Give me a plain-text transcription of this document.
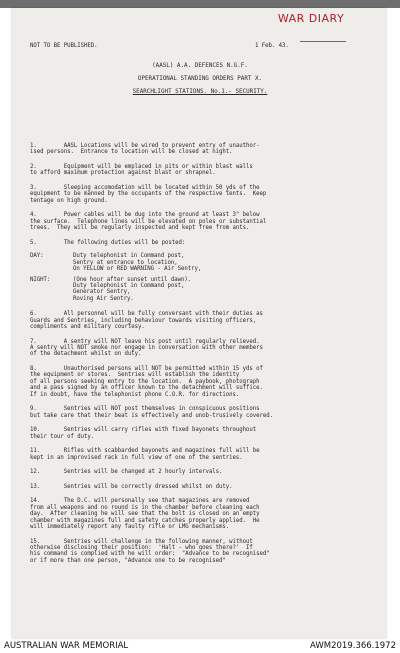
WAR DIARY
NOT TO BE PUBLISHED.	1 Feb. 43.
(AASL) A.A. DEFENCES N.G.F.
OPERATIONAL STANDING ORDERS PART X.
SEARCHLIGHT STATIONS. No.1.- SECURITY.
1.        AASL Locations will be wired to prevent entry of unauthor-
ised persons.  Entrance to location will be closed at night.
2.        Equipment will be emplaced in pits or within blast walls
to afford maximum protection against blast or shrapnel.
3.        Sleeping accomodation will be located within 50 yds of the
equipment to be manned by the occupants of the respective tents.  Keep
tentage on high ground.
4.        Power cables will be dug into the ground at least 3" below
the surface.  Telephone lines will be elevated on poles or substantial
trees.  They will be regularly inspected and kept free from ants.
5.        The following duties will be posted:
DAY:	Duty telephonist in Command post,
Sentry at entrance to location,
On YELLOW or RED WARNING - Air Sentry,
NIGHT:	(One hour after sunset until dawn).
Duty telephonist in Command post,
Generator Sentry,
Roving Air Sentry.
6.        All personnel will be fully conversant with their duties as
Guards and Sentries, including behaviour towards visiting officers,
compliments and military courtesy.
7.        A sentry will NOT leave his post until regularly relieved.
A sentry will NOT smoke nor engage in conversation with other members
of the detachment whilst on duty.
8.        Unauthorised persons will NOT be permitted within 15 yds of
the equipment or stores.  Sentries will establish the identity
of all persons seeking entry to the location.  A paybook, photograph
and a pass signed by an officer known to the detachment will suffice.
If in doubt, have the telephonist phone C.O.R. for directions.
9.        Sentries will NOT post themselves in conspicuous positions
but take care that their beat is effectively and unob-trusively covered.
10.       Sentries will carry rifles with fixed bayonets throughout
their tour of duty.
11.       Rifles with scabbarded bayonets and magazines full will be
kept in an improvised rack in full view of one of the sentries.
12.       Sentries will be changed at 2 hourly intervals.
13.       Sentries will be correctly dressed whilst on duty.
14.       The D.C. will personally see that magazines are removed
from all weapons and no round is in the chamber before cleaning each
day.  After cleaning he will see that the bolt is closed on an empty
chamber with magazines full and safety catches properly applied.  He
will immediately report any faulty rifle or LMG mechanisms.
15.       Sentries will challenge in the following manner, without
otherwise disclosing their position:  'Halt - who goes there?'  If
his command is complied with he will order:  "Advance to be recognised"
or if more than one person, "Advance one to be recognised"
AUSTRALIAN WAR MEMORIAL	AWM2019.366.1972
